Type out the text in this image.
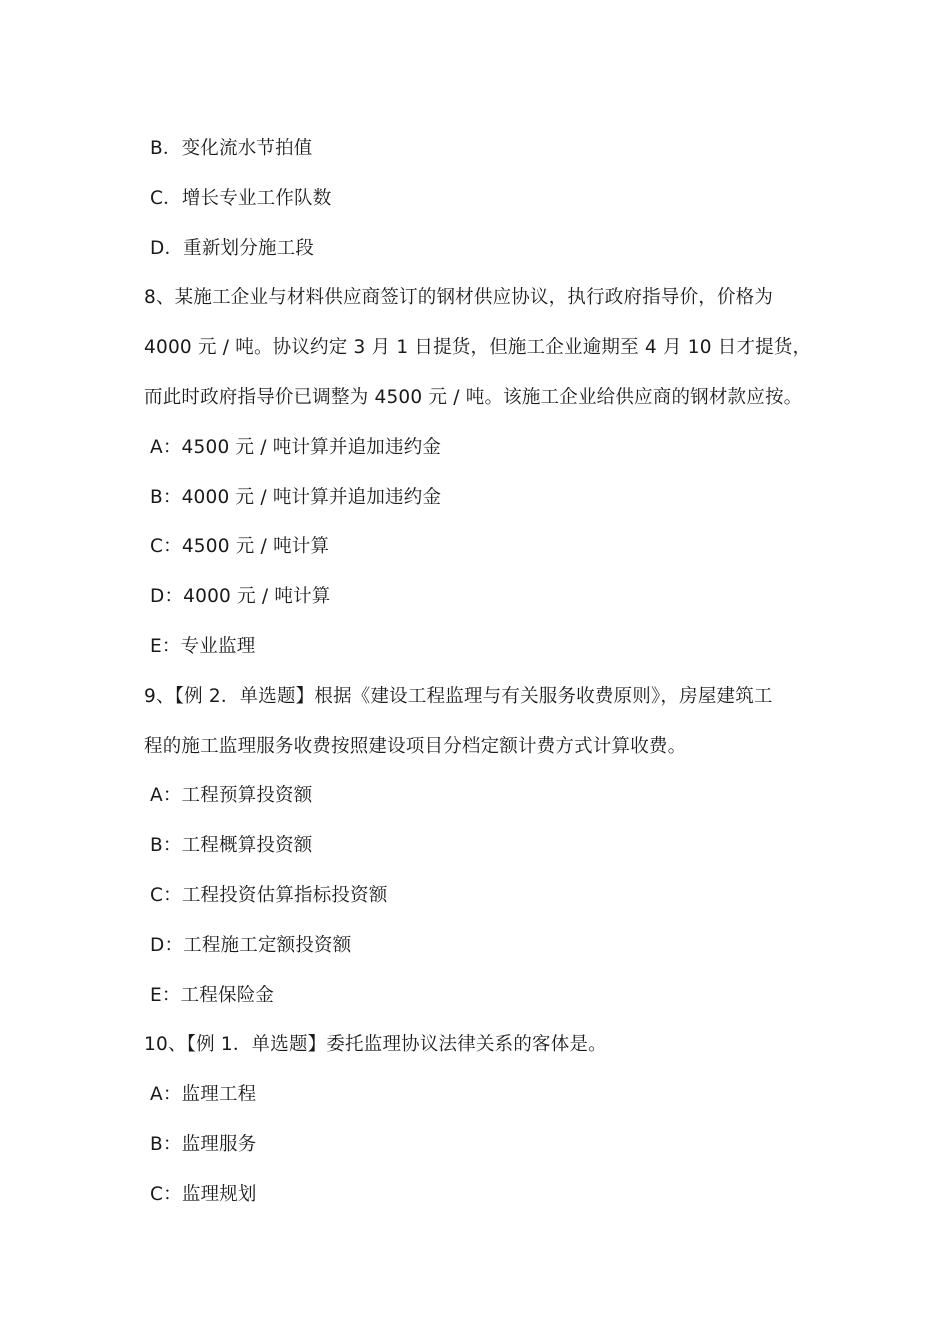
B．变化流水节拍值
C．增长专业工作队数
D．重新划分施工段
8、某施工企业与材料供应商签订的钢材供应协议，执行政府指导价，价格为
4000 元 / 吨。协议约定 3 月 1 日提货，但施工企业逾期至 4 月 10 日才提货，
而此时政府指导价已调整为 4500 元 / 吨。该施工企业给供应商的钢材款应按。
A：4500 元 / 吨计算并追加违约金
B：4000 元 / 吨计算并追加违约金
C：4500 元 / 吨计算
D：4000 元 / 吨计算
E：专业监理
9、【例 2．单选题】根据《建设工程监理与有关服务收费原则》，房屋建筑工
程的施工监理服务收费按照建设项目分档定额计费方式计算收费。
A：工程预算投资额
B：工程概算投资额
C：工程投资估算指标投资额
D：工程施工定额投资额
E：工程保险金
10、【例 1．单选题】委托监理协议法律关系的客体是。
A：监理工程
B：监理服务
C：监理规划
